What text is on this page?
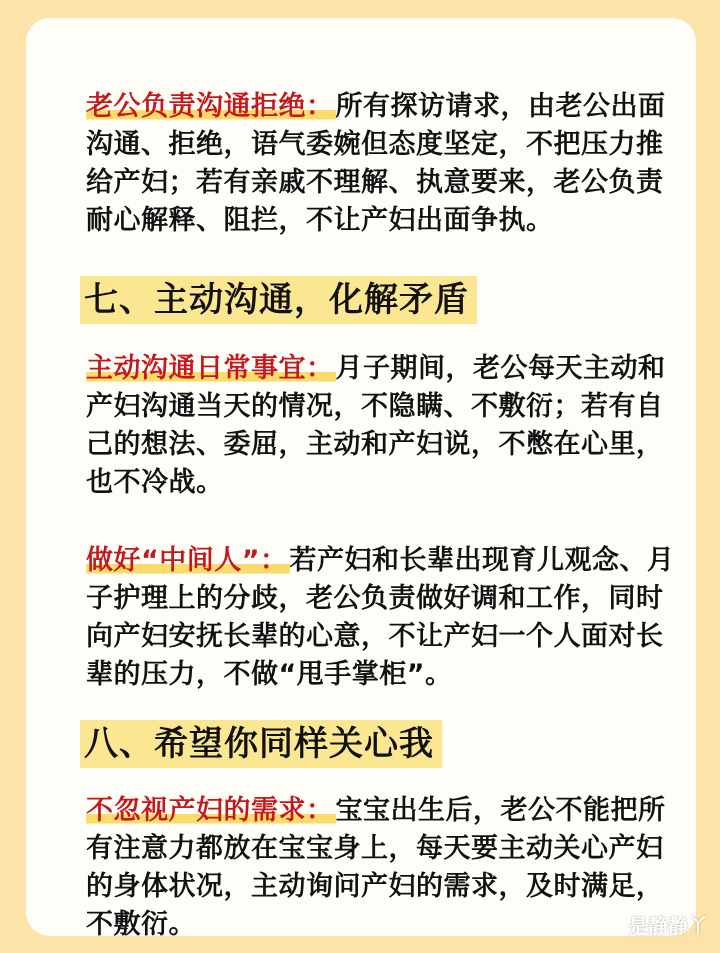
老公负责沟通拒绝：所有探访请求，由老公出面沟通、拒绝，语气委婉但态度坚定，不把压力推给产妇；若有亲戚不理解、执意要来，老公负责耐心解释、阻拦，不让产妇出面争执。

七、主动沟通，化解矛盾

主动沟通日常事宜：月子期间，老公每天主动和产妇沟通当天的情况，不隐瞒、不敷衍；若有自己的想法、委屈，主动和产妇说，不憋在心里，也不冷战。

做好“中间人”：若产妇和长辈出现育儿观念、月子护理上的分歧，老公负责做好调和工作，同时向产妇安抚长辈的心意，不让产妇一个人面对长辈的压力，不做“甩手掌柜”。

八、希望你同样关心我

不忽视产妇的需求：宝宝出生后，老公不能把所有注意力都放在宝宝身上，每天要主动关心产妇的身体状况，主动询问产妇的需求，及时满足，不敷衍。	是静静丫
